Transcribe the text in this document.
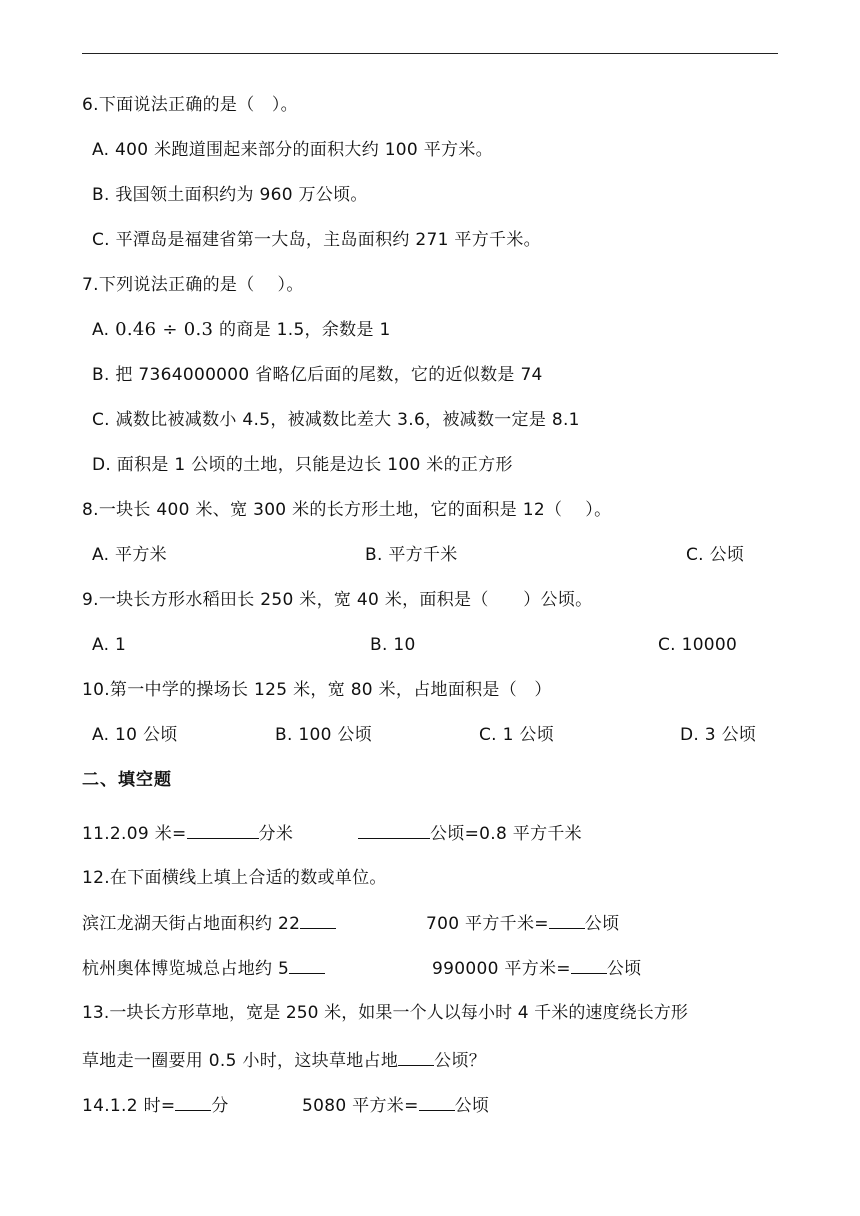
6.下面说法正确的是（　）。
A. 400 米跑道围起来部分的面积大约 100 平方米。
B. 我国领土面积约为 960 万公顷。
C. 平潭岛是福建省第一大岛，主岛面积约 271 平方千米。
7.下列说法正确的是（　 ）。
A. 0.46 ÷ 0.3 的商是 1.5，余数是 1
B. 把 7364000000 省略亿后面的尾数，它的近似数是 74
C. 减数比被减数小 4.5，被减数比差大 3.6，被减数一定是 8.1
D. 面积是 1 公顷的土地，只能是边长 100 米的正方形
8.一块长 400 米、宽 300 米的长方形土地，它的面积是 12（　 ）。
A. 平方米	B. 平方千米	C. 公顷
9.一块长方形水稻田长 250 米，宽 40 米，面积是（　　）公顷。
A. 1	B. 10	C. 10000
10.第一中学的操场长 125 米，宽 80 米，占地面积是（　）
A. 10 公顷	B. 100 公顷	C. 1 公顷	D. 3 公顷
二、填空题
11.2.09 米=	分米	公顷=0.8 平方千米
12.在下面横线上填上合适的数或单位。
滨江龙湖天街占地面积约 22	700 平方千米= 公顷
杭州奥体博览城总占地约 5	990000 平方米= 公顷
13.一块长方形草地，宽是 250 米，如果一个人以每小时 4 千米的速度绕长方形
草地走一圈要用 0.5 小时，这块草地占地 公顷？
14.1.2 时= 分	5080 平方米= 公顷
